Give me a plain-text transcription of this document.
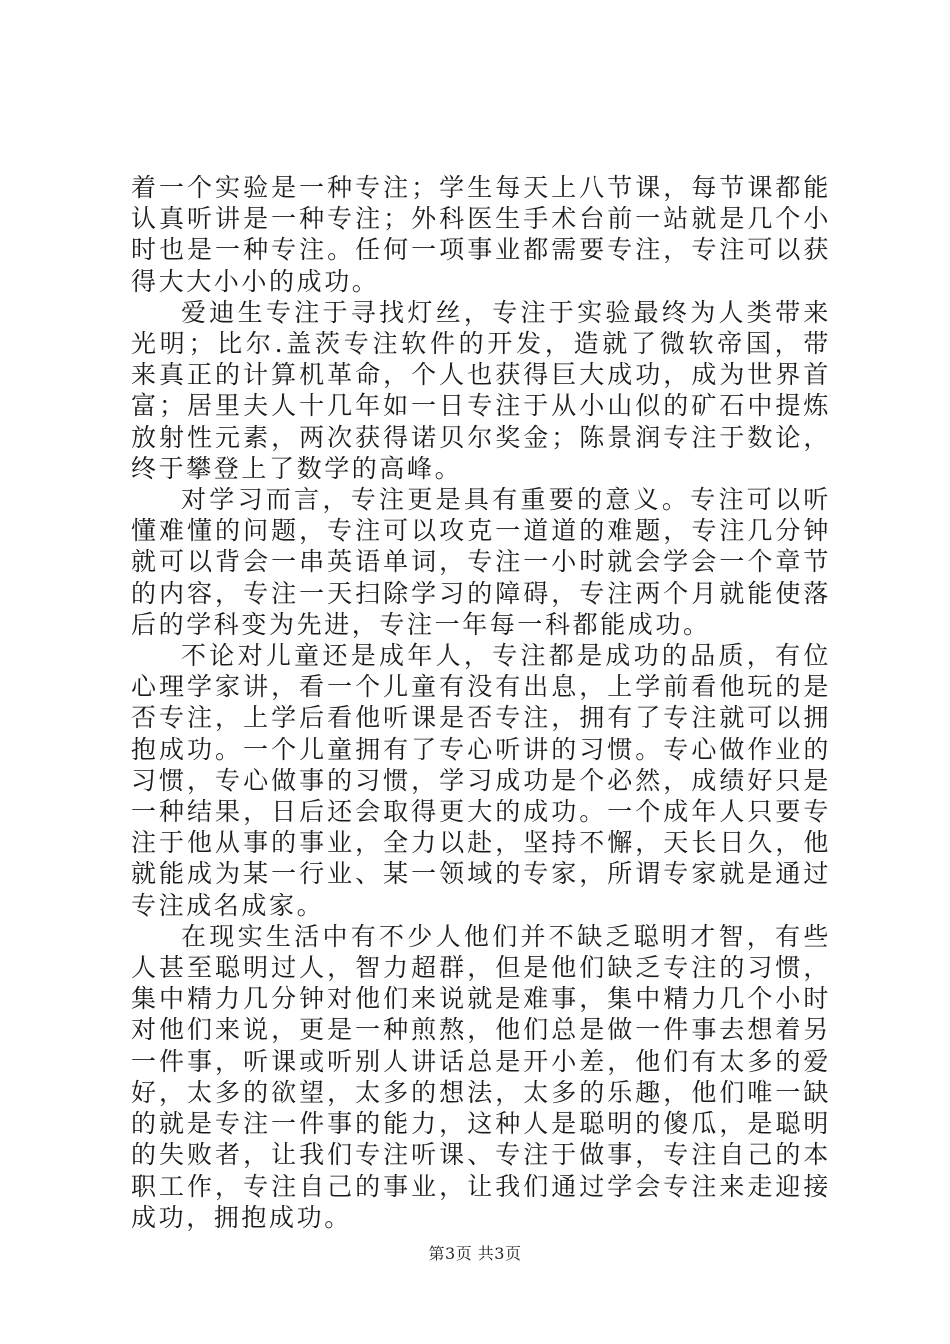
着一个实验是一种专注；学生每天上八节课，每节课都能认真听讲是一种专注；外科医生手术台前一站就是几个小时也是一种专注。任何一项事业都需要专注，专注可以获得大大小小的成功。

爱迪生专注于寻找灯丝，专注于实验最终为人类带来光明；比尔.盖茨专注软件的开发，造就了微软帝国，带来真正的计算机革命，个人也获得巨大成功，成为世界首富；居里夫人十几年如一日专注于从小山似的矿石中提炼放射性元素，两次获得诺贝尔奖金；陈景润专注于数论，终于攀登上了数学的高峰。

对学习而言，专注更是具有重要的意义。专注可以听懂难懂的问题，专注可以攻克一道道的难题，专注几分钟就可以背会一串英语单词，专注一小时就会学会一个章节的内容，专注一天扫除学习的障碍，专注两个月就能使落后的学科变为先进，专注一年每一科都能成功。

不论对儿童还是成年人，专注都是成功的品质，有位心理学家讲，看一个儿童有没有出息，上学前看他玩的是否专注，上学后看他听课是否专注，拥有了专注就可以拥抱成功。一个儿童拥有了专心听讲的习惯。专心做作业的习惯，专心做事的习惯，学习成功是个必然，成绩好只是一种结果，日后还会取得更大的成功。一个成年人只要专注于他从事的事业，全力以赴，坚持不懈，天长日久，他就能成为某一行业、某一领域的专家，所谓专家就是通过专注成名成家。

在现实生活中有不少人他们并不缺乏聪明才智，有些人甚至聪明过人，智力超群，但是他们缺乏专注的习惯，集中精力几分钟对他们来说就是难事，集中精力几个小时对他们来说，更是一种煎熬，他们总是做一件事去想着另一件事，听课或听别人讲话总是开小差，他们有太多的爱好，太多的欲望，太多的想法，太多的乐趣，他们唯一缺的就是专注一件事的能力，这种人是聪明的傻瓜，是聪明的失败者，让我们专注听课、专注于做事，专注自己的本职工作，专注自己的事业，让我们通过学会专注来走迎接成功，拥抱成功。

第3页 共3页
